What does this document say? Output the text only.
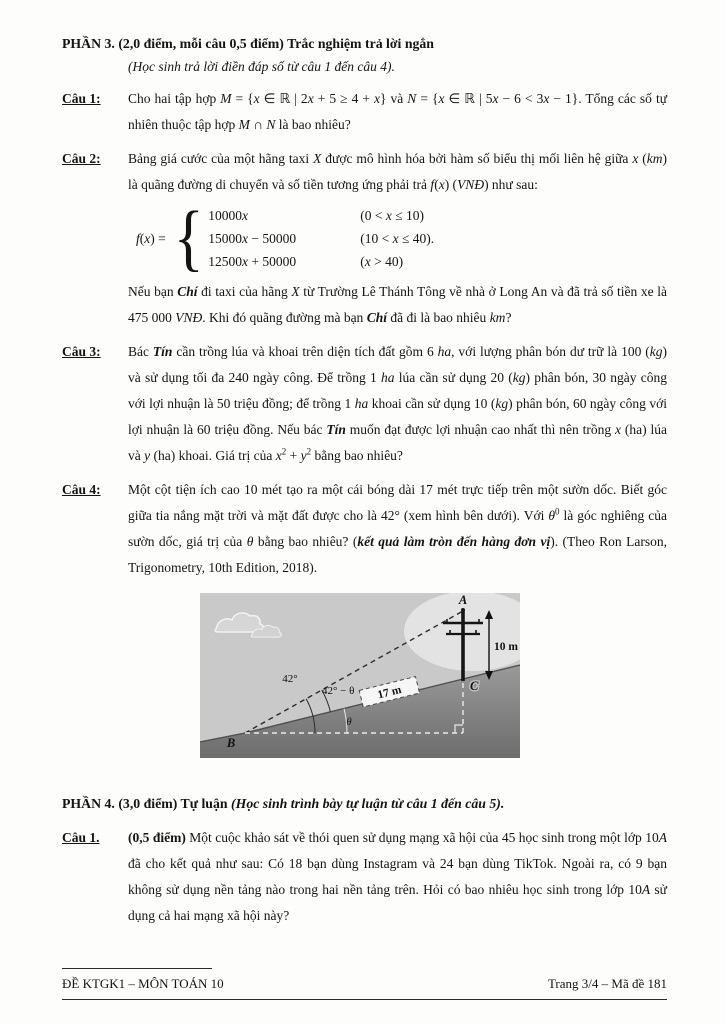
PHẦN 3. (2,0 điểm, mỗi câu 0,5 điểm) Trắc nghiệm trả lời ngắn
(Học sinh trả lời điền đáp số từ câu 1 đến câu 4).
Câu 1:	Cho hai tập hợp M = {x ∈ ℝ | 2x + 5 ≥ 4 + x} và N = {x ∈ ℝ | 5x − 6 < 3x − 1}. Tổng các số tự nhiên thuộc tập hợp M ∩ N là bao nhiêu?
Câu 2:	Bảng giá cước của một hãng taxi X được mô hình hóa bởi hàm số biểu thị mối liên hệ giữa x (km) là quãng đường di chuyển và số tiền tương ứng phải trả f(x) (VNĐ) như sau:

f(x) = { 10000x	(0 < x ≤ 10)
15000x − 50000	(10 < x ≤ 40).
12500x + 50000	(x > 40)

Nếu bạn Chí đi taxi của hãng X từ Trường Lê Thánh Tông về nhà ở Long An và đã trả số tiền xe là 475 000 VNĐ. Khi đó quãng đường mà bạn Chí đã đi là bao nhiêu km?

Câu 3:	Bác Tín cần trồng lúa và khoai trên diện tích đất gồm 6 ha, với lượng phân bón dư trữ là 100 (kg) và sử dụng tối đa 240 ngày công. Để trồng 1 ha lúa cần sử dụng 20 (kg) phân bón, 30 ngày công với lợi nhuận là 50 triệu đồng; để trồng 1 ha khoai cần sử dụng 10 (kg) phân bón, 60 ngày công với lợi nhuận là 60 triệu đồng. Nếu bác Tín muốn đạt được lợi nhuận cao nhất thì nên trồng x (ha) lúa và y (ha) khoai. Giá trị của $x^2 + y^2$ bằng bao nhiêu?
Câu 4:	Một cột tiện ích cao 10 mét tạo ra một cái bóng dài 17 mét trực tiếp trên một sườn dốc. Biết góc giữa tia nắng mặt trời và mặt đất được cho là 42° (xem hình bên dưới). Với $\theta^0$ là góc nghiêng của sườn dốc, giá trị của θ bằng bao nhiêu? (kết quả làm tròn đến hàng đơn vị). (Theo Ron Larson, Trigonometry, 10th Edition, 2018).

17 m
10 m
A
B
C
42°
42° − θ
θ
PHẦN 4. (3,0 điểm) Tự luận (Học sinh trình bày tự luận từ câu 1 đến câu 5).
Câu 1.	(0,5 điểm) Một cuộc khảo sát về thói quen sử dụng mạng xã hội của 45 học sinh trong một lớp 10A đã cho kết quả như sau: Có 18 bạn dùng Instagram và 24 bạn dùng TikTok. Ngoài ra, có 9 bạn không sử dụng nền tảng nào trong hai nền tảng trên. Hỏi có bao nhiêu học sinh trong lớp 10A sử dụng cả hai mạng xã hội này?
ĐỀ KTGK1 – MÔN TOÁN 10	Trang 3/4 – Mã đề 181
